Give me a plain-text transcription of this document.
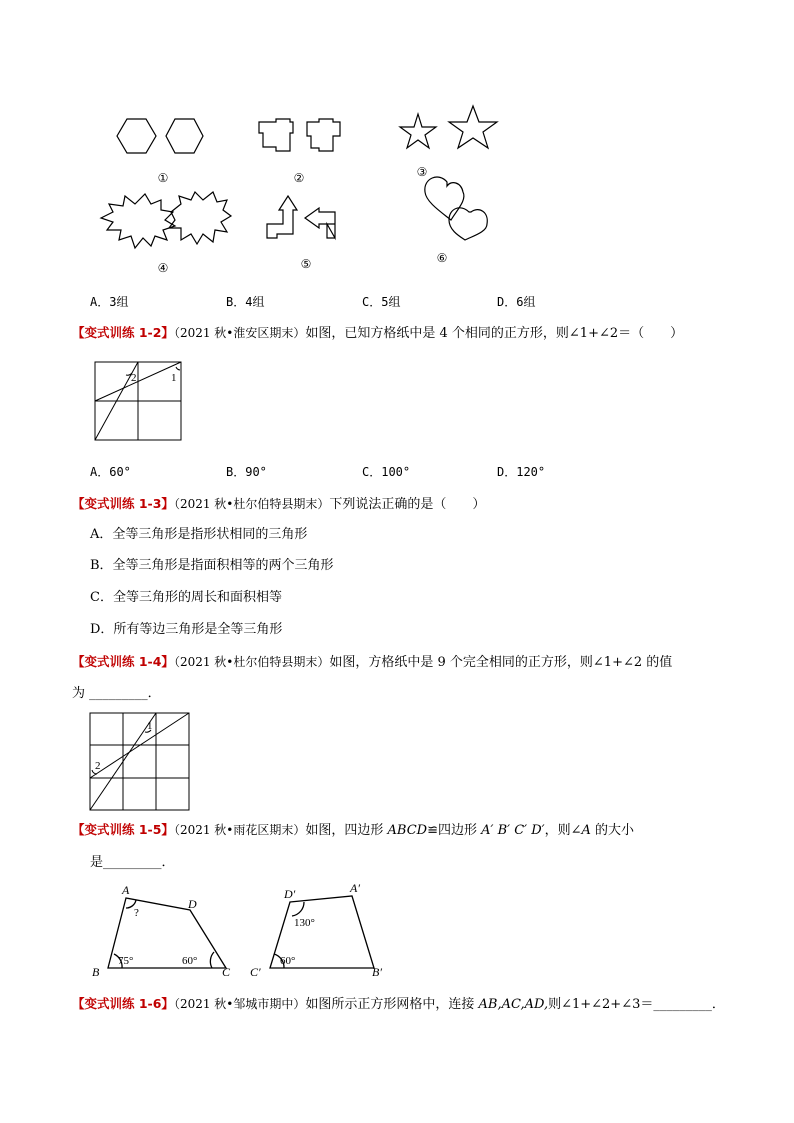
①	②	③
④	⑤	⑥
A．3组	B．4组	C．5组	D．6组
【变式训练 1-2】（2021 秋•淮安区期末）如图，已知方格纸中是 4 个相同的正方形，则∠1+∠2＝（　　）
2	1
A．60°	B．90°	C．100°	D．120°
【变式训练 1-3】（2021 秋•杜尔伯特县期末）下列说法正确的是（　　）
A．全等三角形是指形状相同的三角形
B．全等三角形是指面积相等的两个三角形
C．全等三角形的周长和面积相等
D．所有等边三角形是全等三角形
【变式训练 1-4】（2021 秋•杜尔伯特县期末）如图，方格纸中是 9 个完全相同的正方形，则∠1+∠2 的值
为 _________．
1
2
【变式训练 1-5】（2021 秋•雨花区期末）如图，四边形 ABCD≌四边形 A′ B′ C′ D′，则∠A 的大小
是_________．
A
B	C
D
?
75°	60°
A′
B′
C′
D′
130°
60°
【变式训练 1-6】（2021 秋•邹城市期中）如图所示正方形网格中，连接 AB,AC,AD,则∠1+∠2+∠3＝_________．
